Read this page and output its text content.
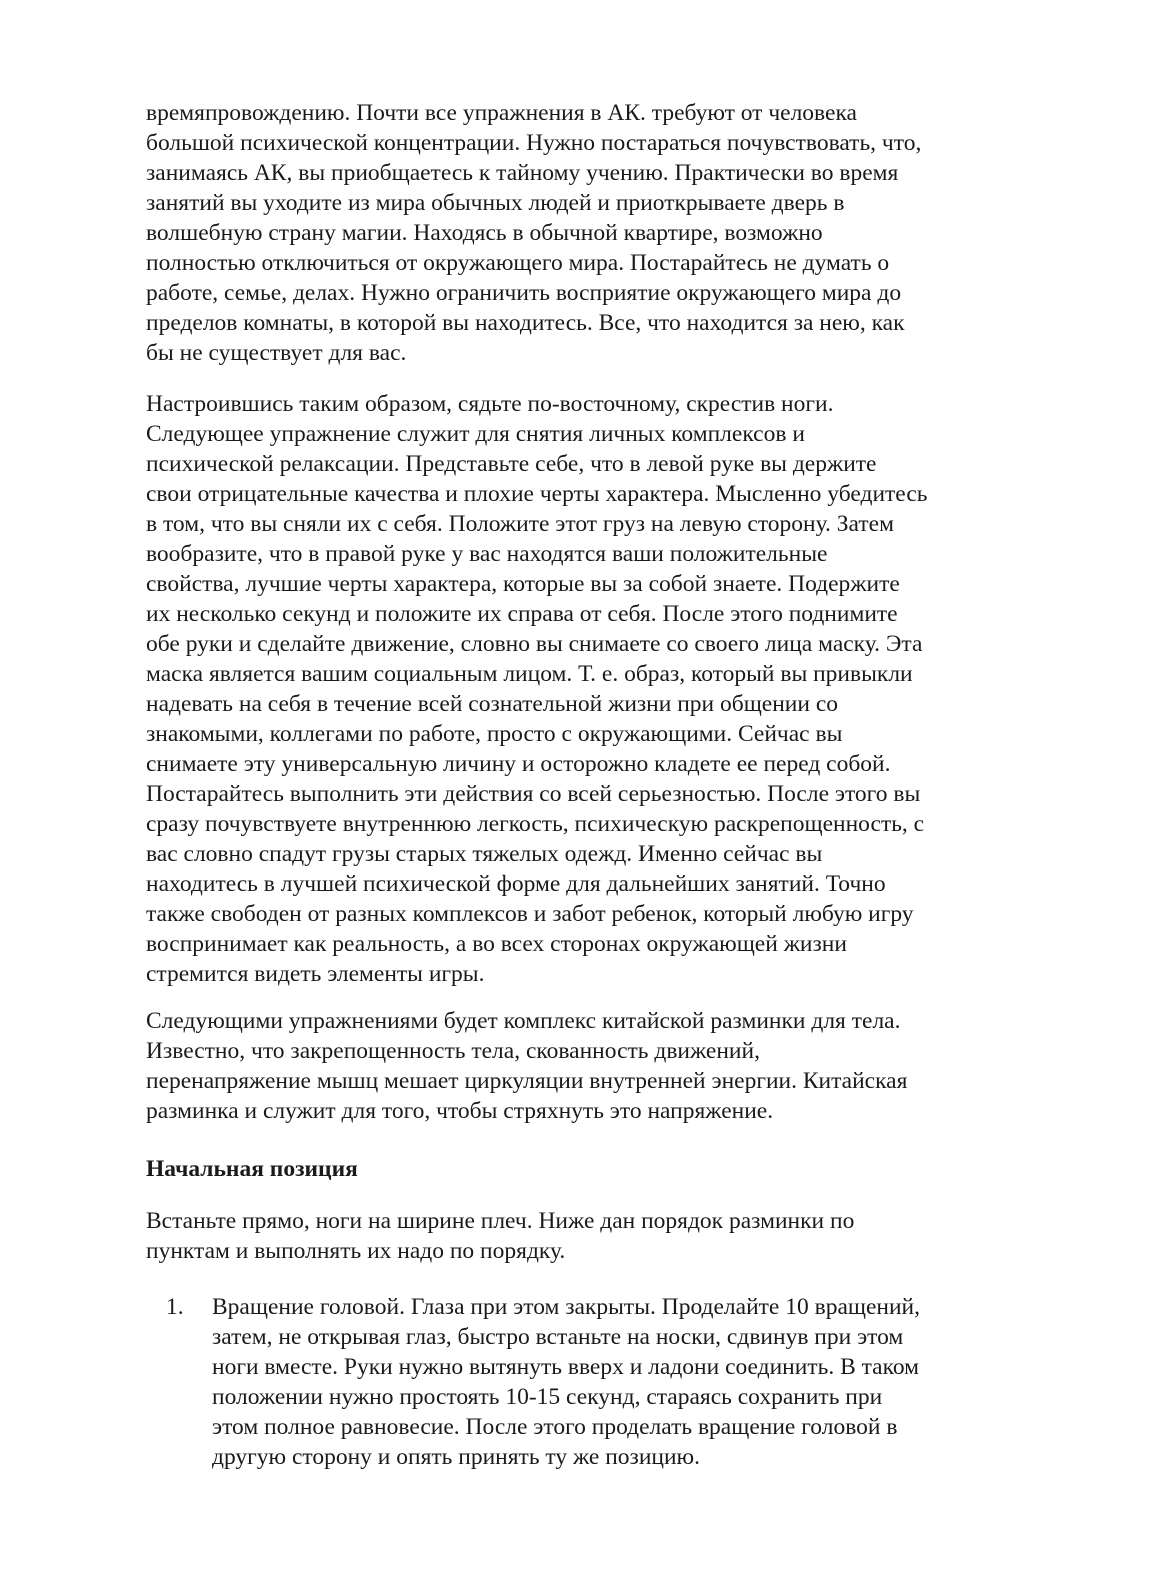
времяпровождению. Почти все упражнения в АК. требуют от человека
большой психической концентрации. Нужно постараться почувствовать, что,
занимаясь АК, вы приобщаетесь к тайному учению. Практически во время
занятий вы уходите из мира обычных людей и приоткрываете дверь в
волшебную страну магии. Находясь в обычной квартире, возможно
полностью отключиться от окружающего мира. Постарайтесь не думать о
работе, семье, делах. Нужно ограничить восприятие окружающего мира до
пределов комнаты, в которой вы находитесь. Все, что находится за нею, как
бы не существует для вас.
Настроившись таким образом, сядьте по-восточному, скрестив ноги.
Следующее упражнение служит для снятия личных комплексов и
психической релаксации. Представьте себе, что в левой руке вы держите
свои отрицательные качества и плохие черты характера. Мысленно убедитесь
в том, что вы сняли их с себя. Положите этот груз на левую сторону. Затем
вообразите, что в правой руке у вас находятся ваши положительные
свойства, лучшие черты характера, которые вы за собой знаете. Подержите
их несколько секунд и положите их справа от себя. После этого поднимите
обе руки и сделайте движение, словно вы снимаете со своего лица маску. Эта
маска является вашим социальным лицом. Т. е. образ, который вы привыкли
надевать на себя в течение всей сознательной жизни при общении со
знакомыми, коллегами по работе, просто с окружающими. Сейчас вы
снимаете эту универсальную личину и осторожно кладете ее перед собой.
Постарайтесь выполнить эти действия со всей серьезностью. После этого вы
сразу почувствуете внутреннюю легкость, психическую раскрепощенность, с
вас словно спадут грузы старых тяжелых одежд. Именно сейчас вы
находитесь в лучшей психической форме для дальнейших занятий. Точно
также свободен от разных комплексов и забот ребенок, который любую игру
воспринимает как реальность, а во всех сторонах окружающей жизни
стремится видеть элементы игры.
Следующими упражнениями будет комплекс китайской разминки для тела.
Известно, что закрепощенность тела, скованность движений,
перенапряжение мышц мешает циркуляции внутренней энергии. Китайская
разминка и служит для того, чтобы стряхнуть это напряжение.
Начальная позиция
Встаньте прямо, ноги на ширине плеч. Ниже дан порядок разминки по
пунктам и выполнять их надо по порядку.
1. Вращение головой. Глаза при этом закрыты. Проделайте 10 вращений,
затем, не открывая глаз, быстро встаньте на носки, сдвинув при этом
ноги вместе. Руки нужно вытянуть вверх и ладони соединить. В таком
положении нужно простоять 10-15 секунд, стараясь сохранить при
этом полное равновесие. После этого проделать вращение головой в
другую сторону и опять принять ту же позицию.
